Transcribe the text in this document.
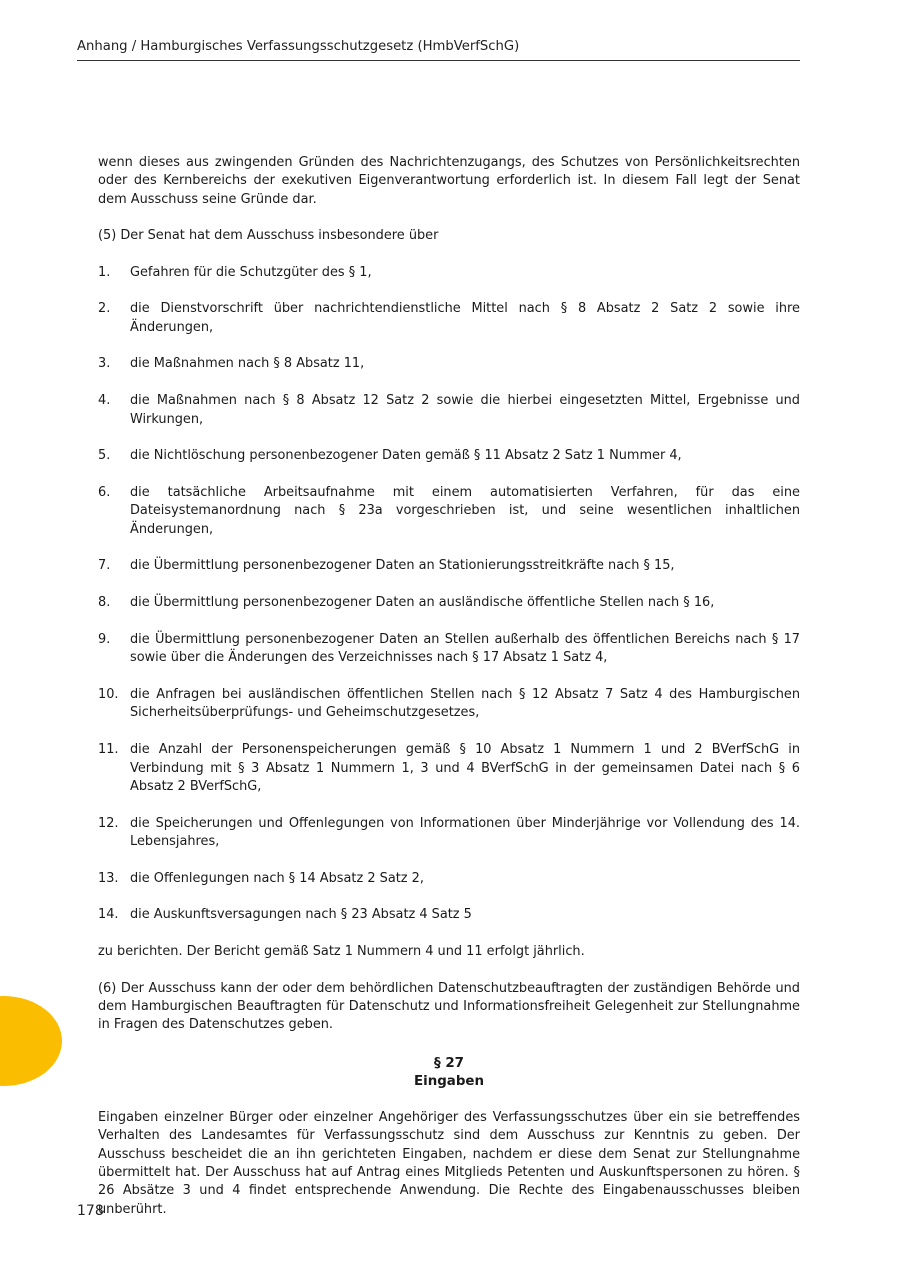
Anhang / Hamburgisches Verfassungsschutzgesetz (HmbVerfSchG)

wenn dieses aus zwingenden Gründen des Nachrichtenzugangs, des Schutzes von Persönlichkeitsrechten oder des Kernbereichs der exekutiven Eigenverantwortung erforderlich ist. In diesem Fall legt der Senat dem Ausschuss seine Gründe dar.

(5) Der Senat hat dem Ausschuss insbesondere über

1.	Gefahren für die Schutzgüter des § 1,
2.	die Dienstvorschrift über nachrichtendienstliche Mittel nach § 8 Absatz 2 Satz 2 sowie ihre Änderungen,
3.	die Maßnahmen nach § 8 Absatz 11,
4.	die Maßnahmen nach § 8 Absatz 12 Satz 2 sowie die hierbei eingesetzten Mittel, Ergebnisse und Wirkungen,
5.	die Nichtlöschung personenbezogener Daten gemäß § 11 Absatz 2 Satz 1 Nummer 4,
6.	die tatsächliche Arbeitsaufnahme mit einem automatisierten Verfahren, für das eine Dateisystemanordnung nach § 23a vorgeschrieben ist, und seine wesentlichen inhaltlichen Änderungen,
7.	die Übermittlung personenbezogener Daten an Stationierungsstreitkräfte nach § 15,
8.	die Übermittlung personenbezogener Daten an ausländische öffentliche Stellen nach § 16,
9.	die Übermittlung personenbezogener Daten an Stellen außerhalb des öffentlichen Bereichs nach § 17 sowie über die Änderungen des Verzeichnisses nach § 17 Absatz 1 Satz 4,
10. die Anfragen bei ausländischen öffentlichen Stellen nach § 12 Absatz 7 Satz 4 des Hamburgischen Sicherheitsüberprüfungs- und Geheimschutzgesetzes,
11. die Anzahl der Personenspeicherungen gemäß § 10 Absatz 1 Nummern 1 und 2 BVerfSchG in Verbindung mit § 3 Absatz 1 Nummern 1, 3 und 4 BVerfSchG in der gemeinsamen Datei nach § 6 Absatz 2 BVerfSchG,
12. die Speicherungen und Offenlegungen von Informationen über Minderjährige vor Vollendung des 14. Lebensjahres,
13. die Offenlegungen nach § 14 Absatz 2 Satz 2,
14. die Auskunftsversagungen nach § 23 Absatz 4 Satz 5

zu berichten. Der Bericht gemäß Satz 1 Nummern 4 und 11 erfolgt jährlich.

(6) Der Ausschuss kann der oder dem behördlichen Datenschutzbeauftragten der zuständigen Behörde und dem Hamburgischen Beauftragten für Datenschutz und Informationsfreiheit Gelegenheit zur Stellungnahme in Fragen des Datenschutzes geben.

§ 27
Eingaben

Eingaben einzelner Bürger oder einzelner Angehöriger des Verfassungsschutzes über ein sie betreffendes Verhalten des Landesamtes für Verfassungsschutz sind dem Ausschuss zur Kenntnis zu geben. Der Ausschuss bescheidet die an ihn gerichteten Eingaben, nachdem er diese dem Senat zur Stellungnahme übermittelt hat. Der Ausschuss hat auf Antrag eines Mitglieds Petenten und Auskunftspersonen zu hören. § 26 Absätze 3 und 4 findet entsprechende Anwendung. Die Rechte des Eingabenausschusses bleiben unberührt.

178
